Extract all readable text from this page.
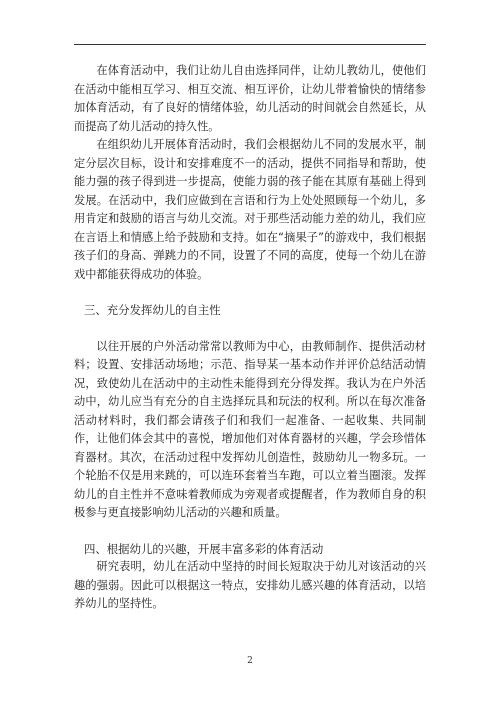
在体育活动中，我们让幼儿自由选择同伴，让幼儿教幼儿，使他们在活动中能相互学习、相互交流、相互评价，让幼儿带着愉快的情绪参加体育活动，有了良好的情绪体验，幼儿活动的时间就会自然延长，从而提高了幼儿活动的持久性。

在组织幼儿开展体育活动时，我们会根据幼儿不同的发展水平，制定分层次目标，设计和安排难度不一的活动，提供不同指导和帮助，使能力强的孩子得到进一步提高，使能力弱的孩子能在其原有基础上得到发展。在活动中，我们应做到在言语和行为上处处照顾每一个幼儿，多用肯定和鼓励的语言与幼儿交流。对于那些活动能力差的幼儿，我们应在言语上和情感上给予鼓励和支持。如在“摘果子”的游戏中，我们根据孩子们的身高、弹跳力的不同，设置了不同的高度，使每一个幼儿在游戏中都能获得成功的体验。

三、充分发挥幼儿的自主性

以往开展的户外活动常常以教师为中心，由教师制作、提供活动材料；设置、安排活动场地；示范、指导某一基本动作并评价总结活动情况，致使幼儿在活动中的主动性未能得到充分得发挥。我认为在户外活动中，幼儿应当有充分的自主选择玩具和玩法的权利。所以在每次准备活动材料时，我们都会请孩子们和我们一起准备、一起收集、共同制作，让他们体会其中的喜悦，增加他们对体育器材的兴趣，学会珍惜体育器材。其次，在活动过程中发挥幼儿创造性，鼓励幼儿一物多玩。一个轮胎不仅是用来跳的，可以连环套着当车跑，可以立着当圈滚。发挥幼儿的自主性并不意味着教师成为旁观者或提醒者，作为教师自身的积极参与更直接影响幼儿活动的兴趣和质量。

四、根据幼儿的兴趣，开展丰富多彩的体育活动

研究表明，幼儿在活动中坚持的时间长短取决于幼儿对该活动的兴趣的强弱。因此可以根据这一特点，安排幼儿感兴趣的体育活动，以培养幼儿的坚持性。

2
